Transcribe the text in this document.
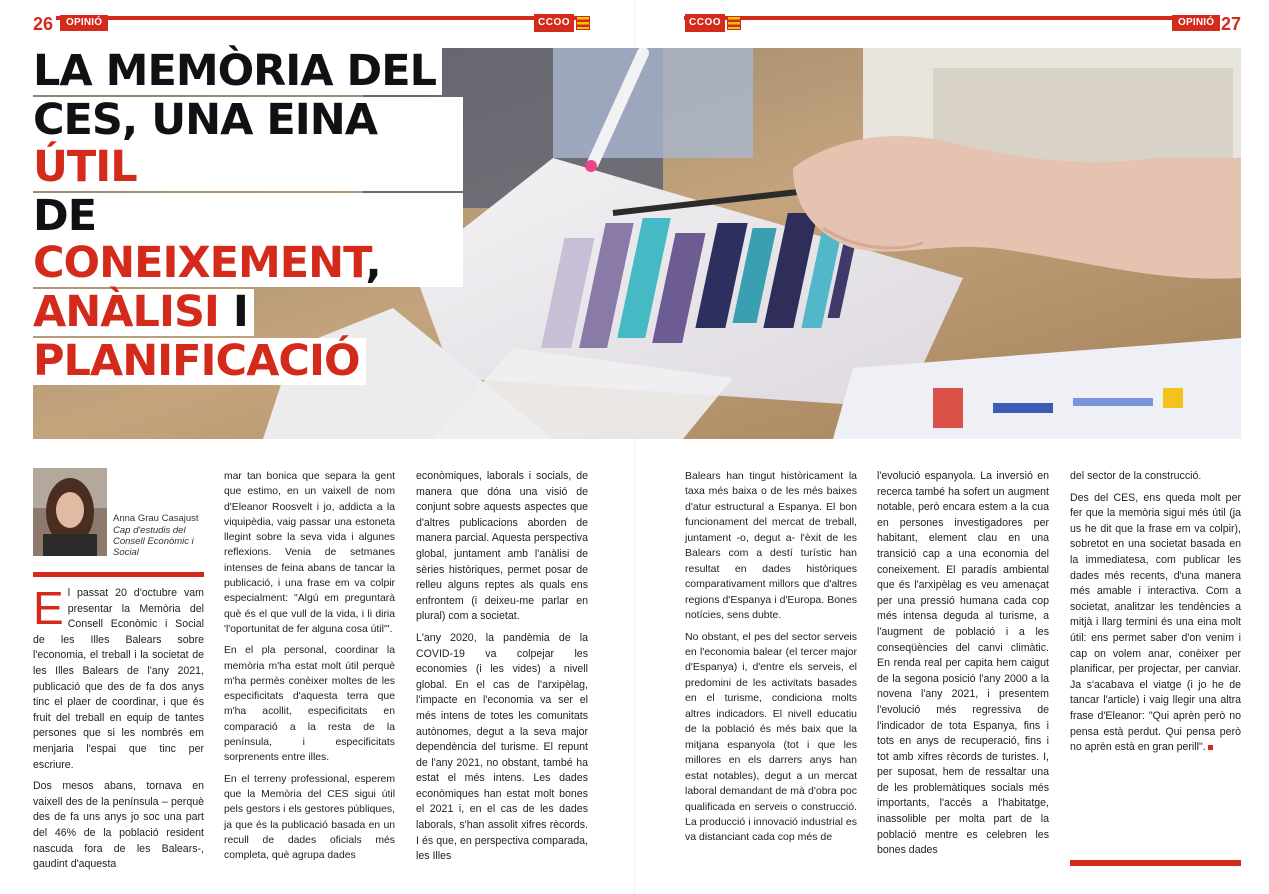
26	OPINIÓ	CCOO	CCOO	OPINIÓ 27
LA MEMÒRIA DEL
CES, UNA EINA ÚTIL
DE CONEIXEMENT,
ANÀLISI I
PLANIFICACIÓ
Anna Grau Casajust
Cap d'estudis del Consell Econòmic i Social

El passat 20 d'octubre vam presentar la Memòria del Consell Econòmic i Social de les Illes Balears sobre l'economia, el treball i la societat de les Illes Balears de l'any 2021, publicació que des de fa dos anys tinc el plaer de coordinar, i que és fruit del treball en equip de tantes persones que si les nombrés em menjaria l'espai que tinc per escriure.

Dos mesos abans, tornava en vaixell des de la península – perquè des de fa uns anys jo soc una part del 46% de la població resident nascuda fora de les Balears-, gaudint d'aquesta

mar tan bonica que separa la gent que estimo, en un vaixell de nom d'Eleanor Roosvelt i jo, addicta a la viquipèdia, vaig passar una estoneta llegint sobre la seva vida i algunes reflexions. Venia de setmanes intenses de feina abans de tancar la publicació, i una frase em va colpir especialment: "Algú em preguntarà què és el que vull de la vida, i li diria 'l'oportunitat de fer alguna cosa útil'".

En el pla personal, coordinar la memòria m'ha estat molt útil perquè m'ha permès conèixer moltes de les especificitats d'aquesta terra que m'ha acollit, especificitats en comparació a la resta de la península, i especificitats sorprenents entre illes.

En el terreny professional, esperem que la Memòria del CES sigui útil pels gestors i els gestores públiques, ja que és la publicació basada en un recull de dades oficials més completa, què agrupa dades

econòmiques, laborals i socials, de manera que dóna una visió de conjunt sobre aquests aspectes que d'altres publicacions aborden de manera parcial. Aquesta perspectiva global, juntament amb l'anàlisi de sèries històriques, permet posar de relleu alguns reptes als quals ens enfrontem (i deixeu-me parlar en plural) com a societat.

L'any 2020, la pandèmia de la COVID-19 va colpejar les economies (i les vides) a nivell global. En el cas de l'arxipèlag, l'impacte en l'economia va ser el més intens de totes les comunitats autònomes, degut a la seva major dependència del turisme. El repunt de l'any 2021, no obstant, també ha estat el més intens. Les dades econòmiques han estat molt bones el 2021 i, en el cas de les dades laborals, s'han assolit xifres rècords. I és que, en perspectiva comparada, les Illes

Balears han tingut històricament la taxa més baixa o de les més baixes d'atur estructural a Espanya. El bon funcionament del mercat de treball, juntament -o, degut a- l'èxit de les Balears com a destí turístic han resultat en dades històriques comparativament millors que d'altres regions d'Espanya i d'Europa. Bones notícies, sens dubte.

No obstant, el pes del sector serveis en l'economia balear (el tercer major d'Espanya) i, d'entre els serveis, el predomini de les activitats basades en el turisme, condiciona molts altres indicadors. El nivell educatiu de la població és més baix que la mitjana espanyola (tot i que les millores en els darrers anys han estat notables), degut a un mercat laboral demandant de mà d'obra poc qualificada en serveis o construcció. La producció i innovació industrial es va distanciant cada cop més de

l'evolució espanyola. La inversió en recerca també ha sofert un augment notable, però encara estem a la cua en persones investigadores per habitant, element clau en una transició cap a una economia del coneixement. El paradís ambiental que és l'arxipèlag es veu amenaçat per una pressió humana cada cop més intensa deguda al turisme, a l'augment de població i a les conseqüències del canvi climàtic. En renda real per capita hem caigut de la segona posició l'any 2000 a la novena l'any 2021, i presentem l'evolució més regressiva de l'indicador de tota Espanya, fins i tots en anys de recuperació, fins i tot amb xifres rècords de turistes. I, per suposat, hem de ressaltar una de les problemàtiques socials més importants, l'accés a l'habitatge, inassolible per molta part de la població mentre es celebren les bones dades

del sector de la construcció.

Des del CES, ens queda molt per fer que la memòria sigui més útil (ja us he dit que la frase em va colpir), sobretot en una societat basada en la immediatesa, com publicar les dades més recents, d'una manera més amable i interactiva. Com a societat, analitzar les tendències a mitjà i llarg termini és una eina molt útil: ens permet saber d'on venim i cap on volem anar, conèixer per planificar, per projectar, per canviar. Ja s'acabava el viatge (i jo he de tancar l'article) i vaig llegir una altra frase d'Eleanor: "Qui aprèn però no pensa està perdut. Qui pensa però no aprèn està en gran perill".
